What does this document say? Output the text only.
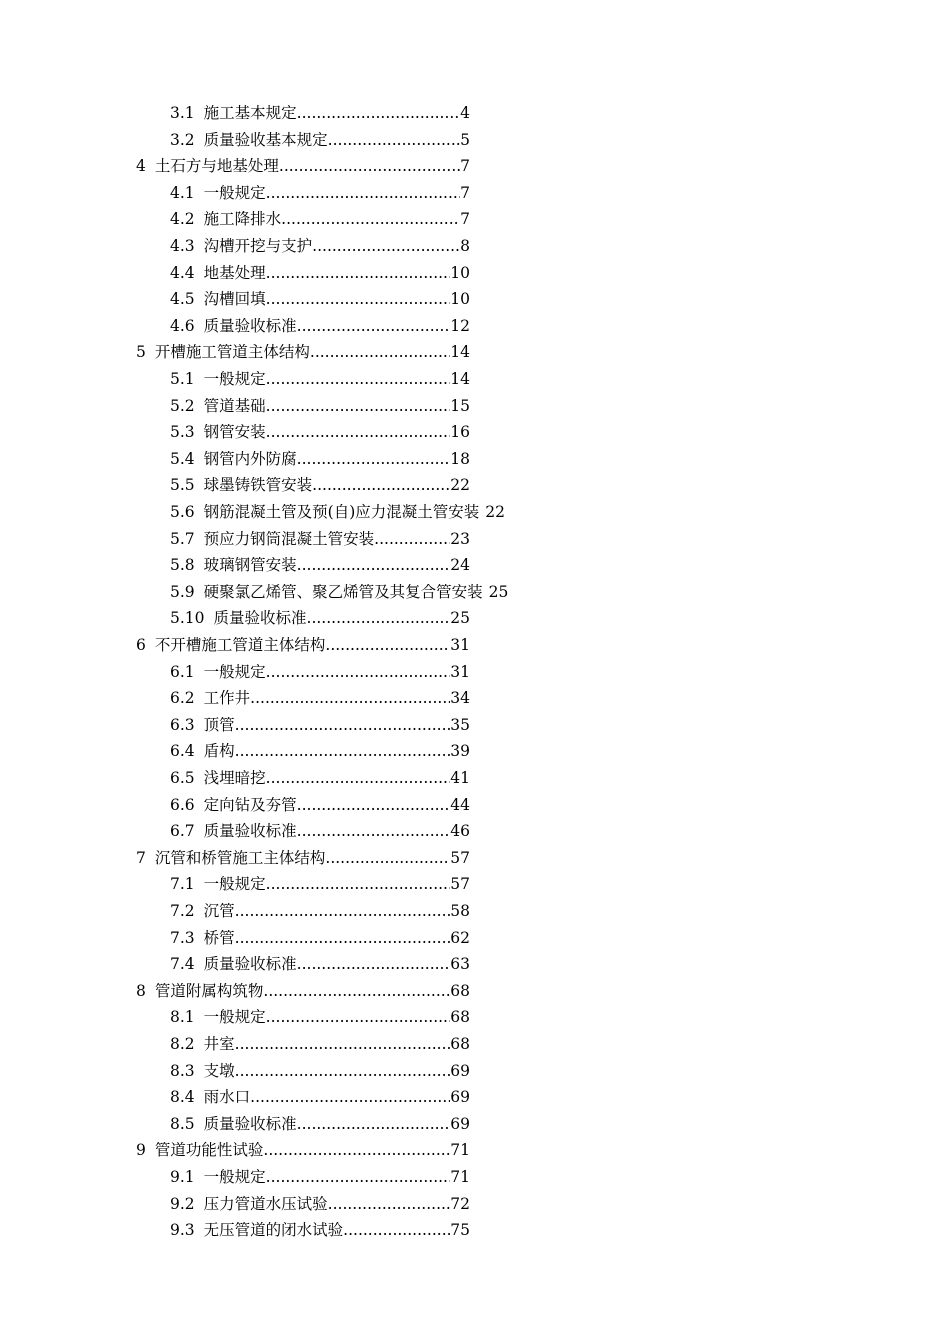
3.1 施工基本规定 .....	4
3.2 质量验收基本规定 .....	5
4 土石方与地基处理 .....	7
4.1 一般规定 .....	7
4.2 施工降排水 .....	7
4.3 沟槽开挖与支护 .....	8
4.4 地基处理 .....	10
4.5 沟槽回填 .....	10
4.6 质量验收标准 .....	12
5 开槽施工管道主体结构 .....	14
5.1 一般规定 .....	14
5.2 管道基础 .....	15
5.3 钢管安装 .....	16
5.4 钢管内外防腐 .....	18
5.5 球墨铸铁管安装 .....	22
5.6 钢筋混凝土管及预(自)应力混凝土管安装 22
5.7 预应力钢筒混凝土管安装 .....	23
5.8 玻璃钢管安装 .....	24
5.9 硬聚氯乙烯管、聚乙烯管及其复合管安装 25
5.10 质量验收标准 .....	25
6 不开槽施工管道主体结构 .....	31
6.1 一般规定 .....	31
6.2 工作井 .....	34
6.3 顶管 .....	35
6.4 盾构 .....	39
6.5 浅埋暗挖 .....	41
6.6 定向钻及夯管 .....	44
6.7 质量验收标准 .....	46
7 沉管和桥管施工主体结构 .....	57
7.1 一般规定 .....	57
7.2 沉管 .....	58
7.3 桥管 .....	62
7.4 质量验收标准 .....	63
8 管道附属构筑物 .....	68
8.1 一般规定 .....	68
8.2 井室 .....	68
8.3 支墩 .....	69
8.4 雨水口 .....	69
8.5 质量验收标准 .....	69
9 管道功能性试验 .....	71
9.1 一般规定 .....	71
9.2 压力管道水压试验 .....	72
9.3 无压管道的闭水试验 .....	75
